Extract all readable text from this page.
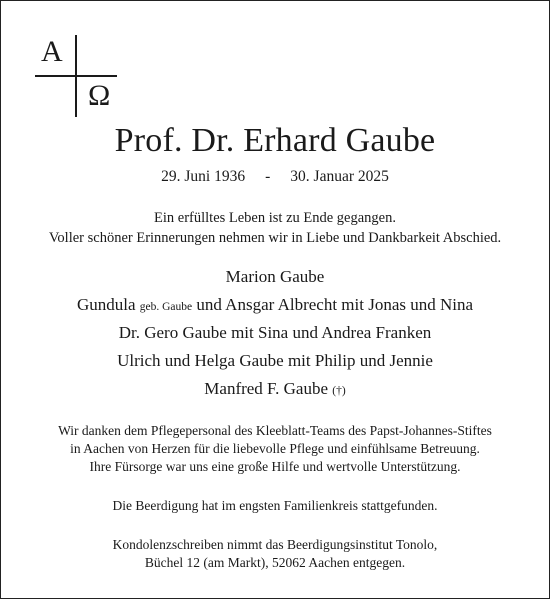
A
Ω
Prof. Dr. Erhard Gaube
29. Juni 1936 - 30. Januar 2025
Ein erfülltes Leben ist zu Ende gegangen.
Voller schöner Erinnerungen nehmen wir in Liebe und Dankbarkeit Abschied.
Marion Gaube
Gundula geb. Gaube und Ansgar Albrecht mit Jonas und Nina
Dr. Gero Gaube mit Sina und Andrea Franken
Ulrich und Helga Gaube mit Philip und Jennie
Manfred F. Gaube (†)
Wir danken dem Pflegepersonal des Kleeblatt-Teams des Papst-Johannes-Stiftes
in Aachen von Herzen für die liebevolle Pflege und einfühlsame Betreuung.
Ihre Fürsorge war uns eine große Hilfe und wertvolle Unterstützung.
Die Beerdigung hat im engsten Familienkreis stattgefunden.
Kondolenzschreiben nimmt das Beerdigungsinstitut Tonolo,
Büchel 12 (am Markt), 52062 Aachen entgegen.
